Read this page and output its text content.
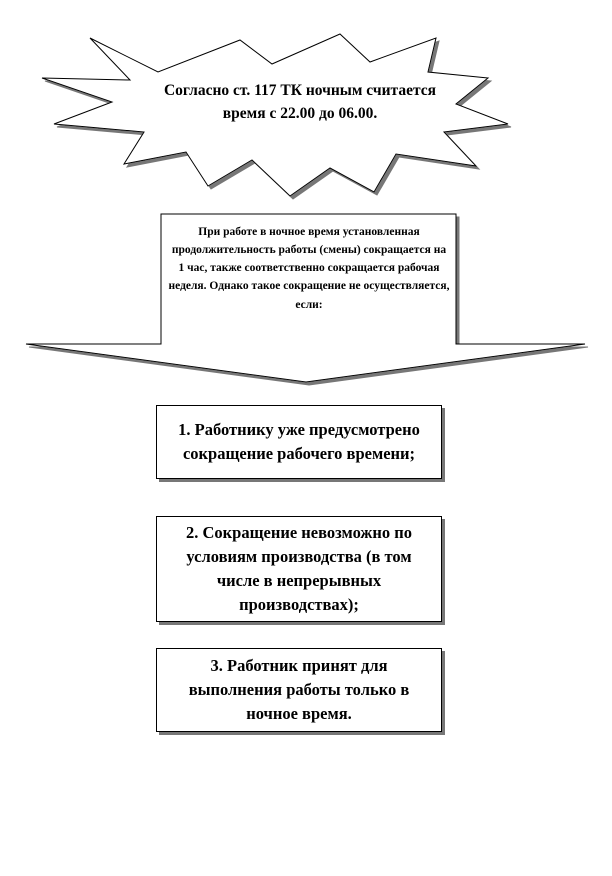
Согласно ст. 117 ТК ночным считается время с 22.00 до 06.00.
При работе в ночное время установленная продолжительность работы (смены) сокращается на 1 час, также соответственно сокращается рабочая неделя. Однако такое сокращение не осуществляется, если:
1. Работнику уже предусмотрено сокращение рабочего времени;
2. Сокращение невозможно по условиям производства (в том числе в непрерывных производствах);
3. Работник принят для выполнения работы только в ночное время.
